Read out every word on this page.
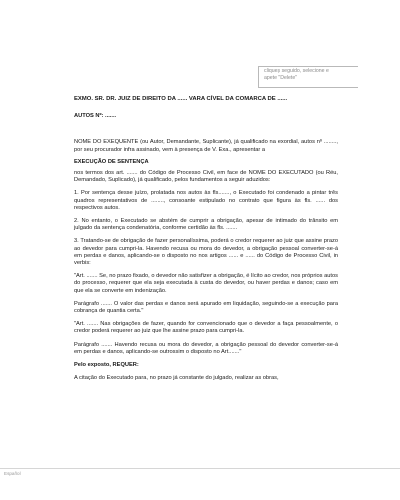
cliqueș seguido, selecione e
apete "Delete"

EXMO. SR. DR. JUIZ DE DIREITO DA ...... VARA CÍVEL DA COMARCA DE ......

AUTOS Nº: .......

NOME DO EXEQUENTE (ou Autor, Demandante, Suplicante), já qualificado na exordial, autos nº ........, por seu procurador infra assinado, vem à presença de V. Exa., apresentar a

EXECUÇÃO DE SENTENÇA

nos termos dos art. ....... do Código de Processo Civil, em face de NOME DO EXECUTADO (ou Réu, Demandado, Suplicado), já qualificado, pelos fundamentos a seguir aduzidos:

1. Por sentença desse juízo, prolatada nos autos às fls......., o Executado foi condenado a pintar três quadros representativos de ........, consoante estipulado no contrato que figura às fls. ...... dos respectivos autos.

2. No entanto, o Executado se abstém de cumprir a obrigação, apesar de intimado do trânsito em julgado da sentença condenatória, conforme certidão às fls. .......

3. Tratando-se de obrigação de fazer personalíssima, poderá o credor requerer ao juiz que assine prazo ao devedor para cumpri-la. Havendo recusa ou mora do devedor, a obrigação pessoal converter-se-á em perdas e danos, aplicando-se o disposto no nos artigos ...... e ...... do Código de Processo Civil, in verbis:

"Art. ....... Se, no prazo fixado, o devedor não satisfizer a obrigação, é lícito ao credor, nos próprios autos do processo, requerer que ela seja executada à custa do devedor, ou haver perdas e danos; caso em que ela se converte em indenização.

Parágrafo ....... O valor das perdas e danos será apurado em liquidação, seguindo-se a execução para cobrança de quantia certa."

"Art. ....... Nas obrigações de fazer, quando for convencionado que o devedor a faça pessoalmente, o credor poderá requerer ao juiz que lhe assine prazo para cumpri-la.

Parágrafo ....... Havendo recusa ou mora do devedor, a obrigação pessoal do devedor converter-se-á em perdas e danos, aplicando-se outrossim o disposto no Art......."

Pelo exposto, REQUER:

A citação do Executado para, no prazo já constante do julgado, realizar as obras,

Español
